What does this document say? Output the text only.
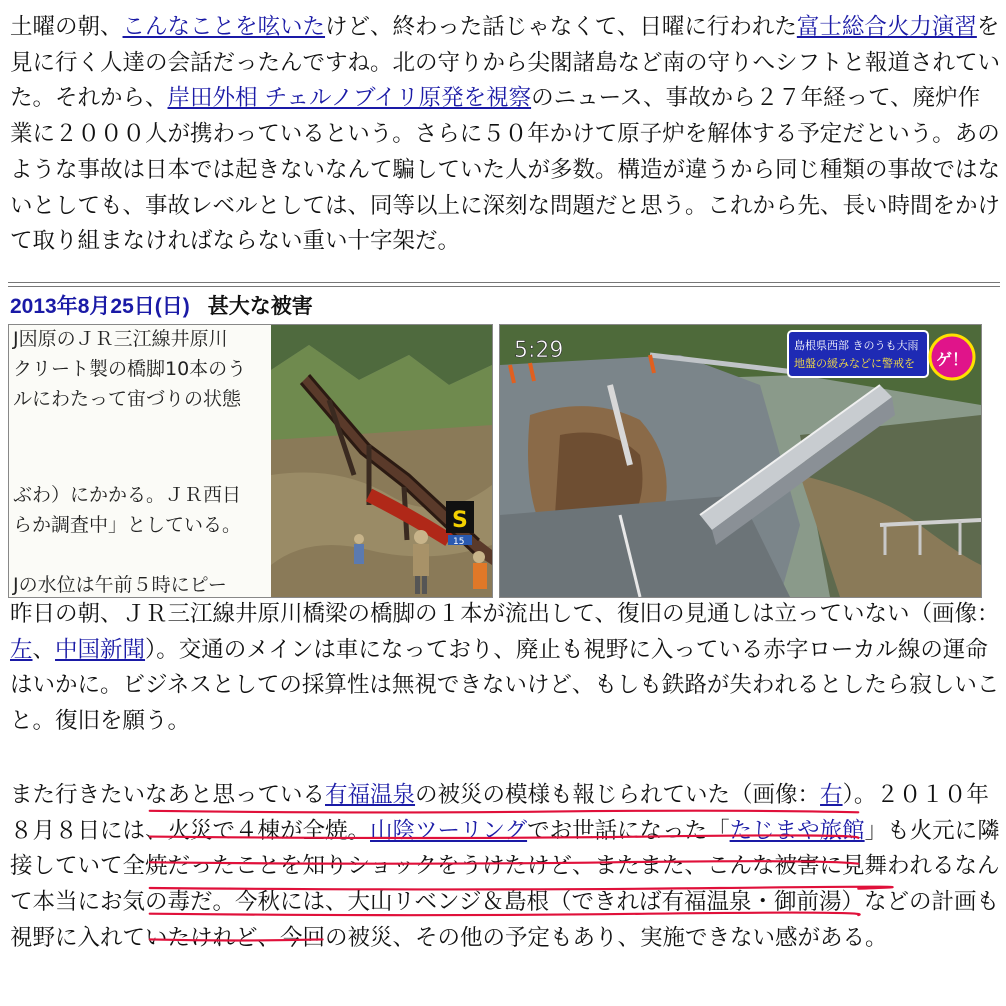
土曜の朝、こんなことを呟いたけど、終わった話じゃなくて、日曜に行われた富士総合火力演習を見に行く人達の会話だったんですね。北の守りから尖閣諸島など南の守りへシフトと報道されていた。それから、岸田外相 チェルノブイリ原発を視察のニュース、事故から２７年経って、廃炉作業に２０００人が携わっているという。さらに５０年かけて原子炉を解体する予定だという。あのような事故は日本では起きないなんて騙していた人が多数。構造が違うから同じ種類の事故ではないとしても、事故レベルとしては、同等以上に深刻な問題だと思う。これから先、長い時間をかけて取り組まなければならない重い十字架だ。
2013年8月25日(日) 甚大な被害
J因原のＪＲ三江線井原川
クリート製の橋脚10本のう
ルにわたって宙づりの状態
ぶわ）にかかる。ＪＲ西日
らか調査中」としている。
Jの水位は午前５時にピー
S
15
5:29	島根県西部 きのうも大雨
地盤の緩みなどに警戒を ゲ！
昨日の朝、ＪＲ三江線井原川橋梁の橋脚の１本が流出して、復旧の見通しは立っていない（画像：左、中国新聞）。交通のメインは車になっており、廃止も視野に入っている赤字ローカル線の運命はいかに。ビジネスとしての採算性は無視できないけど、もしも鉄路が失われるとしたら寂しいこと。復旧を願う。
また行きたいなあと思っている有福温泉の被災の模様も報じられていた（画像：右）。２０１０年８月８日には、火災で４棟が全焼。山陰ツーリングでお世話になった「たじまや旅館」も火元に隣接していて全焼だったことを知りショックをうけたけど、またまた、こんな被害に見舞われるなんて本当にお気の毒だ。今秋には、大山リベンジ＆島根（できれば有福温泉・御前湯）などの計画も視野に入れていたけれど、今回の被災、その他の予定もあり、実施できない感がある。
